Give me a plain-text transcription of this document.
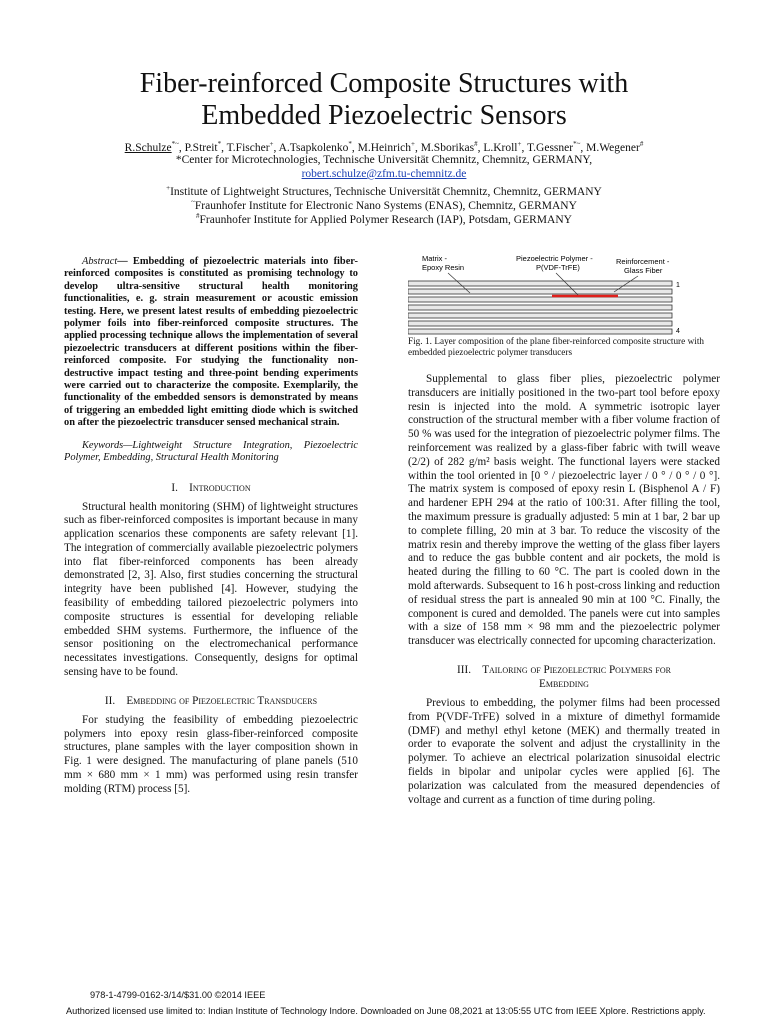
Fiber-reinforced Composite Structures with
Embedded Piezoelectric Sensors
R.Schulze*~, P.Streit*, T.Fischer+, A.Tsapkolenko*, M.Heinrich+, M.Sborikas#, L.Kroll+, T.Gessner*~, M.Wegener#
*Center for Microtechnologies, Technische Universität Chemnitz, Chemnitz, GERMANY,
robert.schulze@zfm.tu-chemnitz.de
+Institute of Lightweight Structures, Technische Universität Chemnitz, Chemnitz, GERMANY
~Fraunhofer Institute for Electronic Nano Systems (ENAS), Chemnitz, GERMANY
#Fraunhofer Institute for Applied Polymer Research (IAP), Potsdam, GERMANY

Abstract— Embedding of piezoelectric materials into fiber-reinforced composites is constituted as promising technology to develop ultra-sensitive structural health monitoring functionalities, e. g. strain measurement or acoustic emission testing. Here, we present latest results of embedding piezoelectric polymer foils into fiber-reinforced composite structures. The applied processing technique allows the implementation of several piezoelectric transducers at different positions within the fiber-reinforced composite. For studying the functionality non-destructive impact testing and three-point bending experiments were carried out to characterize the composite. Exemplarily, the functionality of the embedded sensors is demonstrated by means of triggering an embedded light emitting diode which is switched on after the piezoelectric transducer sensed mechanical strain.

Keywords—Lightweight Structure Integration, Piezoelectric Polymer, Embedding, Structural Health Monitoring

I. Introduction

Structural health monitoring (SHM) of lightweight structures such as fiber-reinforced composites is important because in many application scenarios these components are safety relevant [1]. The integration of commercially available piezoelectric polymers into flat fiber-reinforced components has been already demonstrated [2, 3]. Also, first studies concerning the structural integrity have been published [4]. However, studying the feasibility of embedding tailored piezoelectric polymers into composite structures is essential for developing reliable embedded SHM systems. Furthermore, the influence of the sensor positioning on the electromechanical performance necessitates investigations. Consequently, designs for optimal sensing have to be found.

II. Embedding of Piezoelectric Transducers

For studying the feasibility of embedding piezoelectric polymers into epoxy resin glass-fiber-reinforced composite structures, plane samples with the layer composition shown in Fig. 1 were designed. The manufacturing of plane panels (510 mm × 680 mm × 1 mm) was performed using resin transfer molding (RTM) process [5].

Matrix -
Epoxy Resin
Piezoelectric Polymer -
P(VDF-TrFE)
Reinforcement -
Glass Fiber
1
4
Fig. 1. Layer composition of the plane fiber-reinforced composite structure with embedded piezoelectric polymer transducers

Supplemental to glass fiber plies, piezoelectric polymer transducers are initially positioned in the two-part tool before epoxy resin is injected into the mold. A symmetric isotropic layer construction of the structural member with a fiber volume fraction of 50 % was used for the integration of piezoelectric polymer films. The reinforcement was realized by a glass-fiber fabric with twill weave (2/2) of 282 g/m² basis weight. The functional layers were stacked within the tool oriented in [0 ° / piezoelectric layer / 0 ° / 0 ° / 0 °]. The matrix system is composed of epoxy resin L (Bisphenol A / F) and hardener EPH 294 at the ratio of 100:31. After filling the tool, the maximum pressure is gradually adjusted: 5 min at 1 bar, 2 bar up to complete filling, 20 min at 3 bar. To reduce the viscosity of the matrix resin and thereby improve the wetting of the glass fiber layers and to reduce the gas bubble content and air pockets, the mold is heated during the filling to 60 °C. The part is cooled down in the mold afterwards. Subsequent to 16 h post-cross linking and reduction of residual stress the part is annealed 90 min at 100 °C. Finally, the component is cured and demolded. The panels were cut into samples with a size of 158 mm × 98 mm and the piezoelectric polymer transducer was electrically connected for upcoming characterization.

III. Tailoring of Piezoelectric Polymers for
Embedding

Previous to embedding, the polymer films had been processed from P(VDF-TrFE) solved in a mixture of dimethyl formamide (DMF) and methyl ethyl ketone (MEK) and thermally treated in order to evaporate the solvent and adjust the crystallinity in the polymer. To achieve an electrical polarization sinusoidal electric fields in bipolar and unipolar cycles were applied [6]. The polarization was calculated from the measured dependencies of voltage and current as a function of time during poling.

978-1-4799-0162-3/14/$31.00 ©2014 IEEE
Authorized licensed use limited to: Indian Institute of Technology Indore. Downloaded on June 08,2021 at 13:05:55 UTC from IEEE Xplore. Restrictions apply.
